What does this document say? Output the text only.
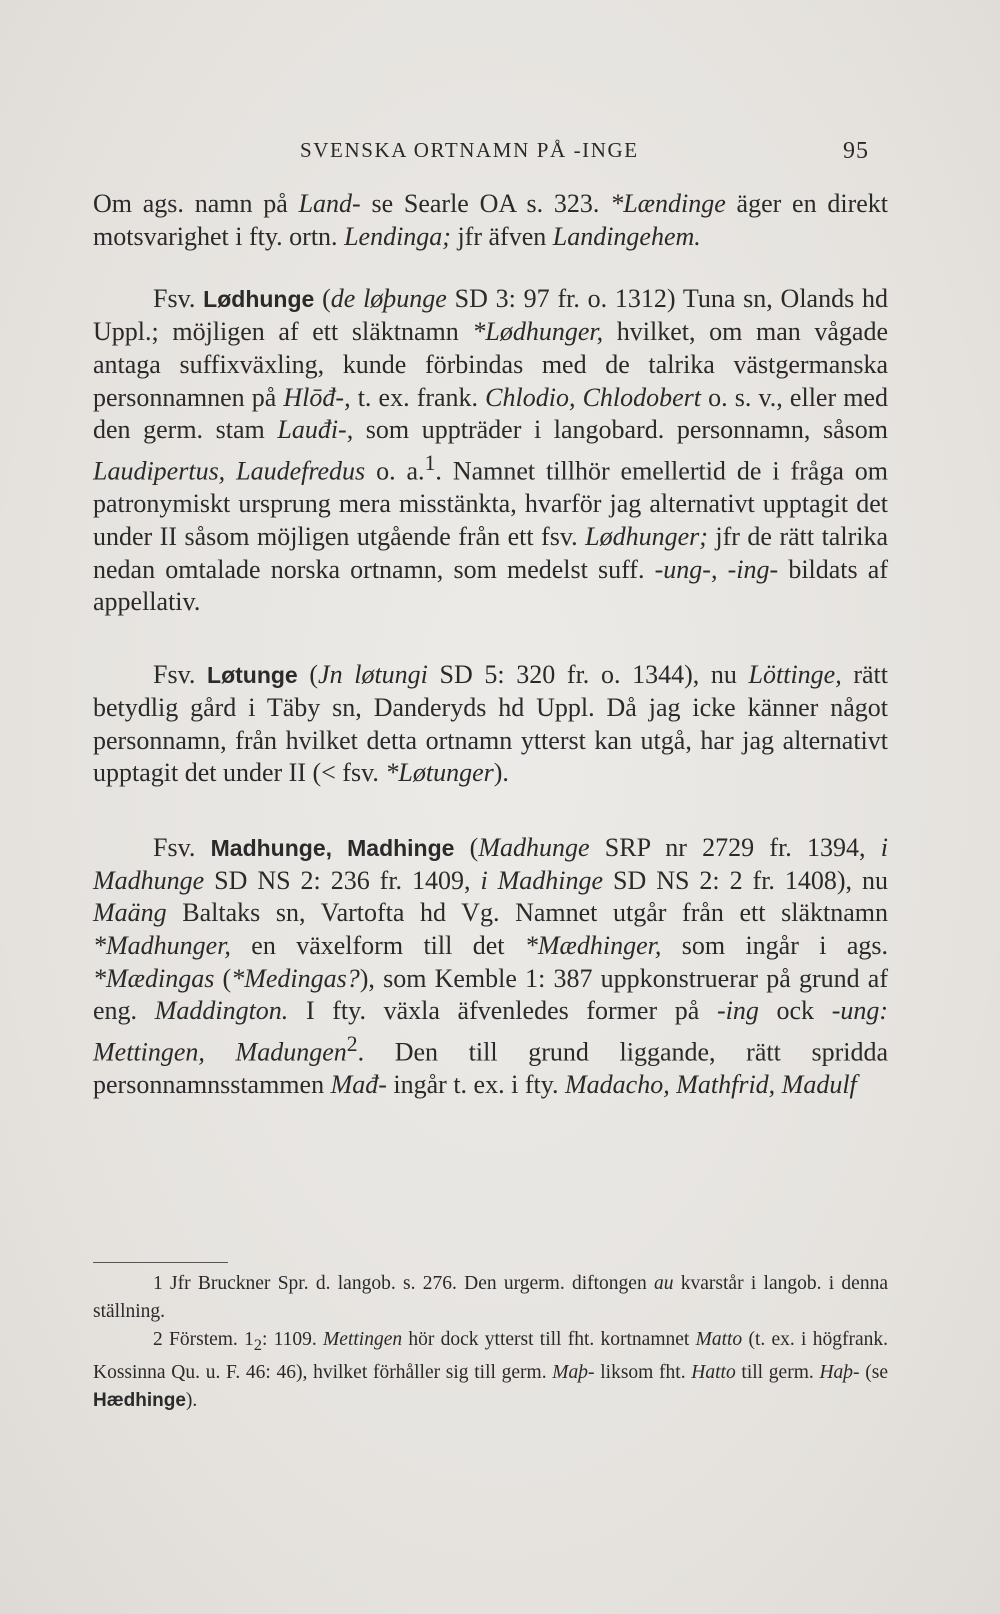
SVENSKA ORTNAMN PÅ -INGE	95

Om ags. namn på Land- se Searle OA s. 323. *Lændinge äger en direkt motsvarighet i fty. ortn. Lendinga; jfr äfven Landingehem.

Fsv. Lødhunge (de løþunge SD 3: 97 fr. o. 1312) Tuna sn, Olands hd Uppl.; möjligen af ett släktnamn *Lødhunger, hvilket, om man vågade antaga suffixväxling, kunde förbindas med de talrika västgermanska personnamnen på Hlōđ-, t. ex. frank. Chlodio, Chlodobert o. s. v., eller med den germ. stam Lauđi-, som uppträder i langobard. personnamn, såsom Laudipertus, Laudefredus o. a.$^1$. Namnet tillhör emellertid de i fråga om patronymiskt ursprung mera misstänkta, hvarför jag alternativt upptagit det under II såsom möjligen utgående från ett fsv. Lødhunger; jfr de rätt talrika nedan omtalade norska ortnamn, som medelst suff. -ung-, -ing- bildats af appellativ.

Fsv. Løtunge (Jn løtungi SD 5: 320 fr. o. 1344), nu Löttinge, rätt betydlig gård i Täby sn, Danderyds hd Uppl. Då jag icke känner något personnamn, från hvilket detta ortnamn ytterst kan utgå, har jag alternativt upptagit det under II (< fsv. *Løtunger).

Fsv. Madhunge, Madhinge (Madhunge SRP nr 2729 fr. 1394, i Madhunge SD NS 2: 236 fr. 1409, i Madhinge SD NS 2: 2 fr. 1408), nu Maäng Baltaks sn, Vartofta hd Vg. Namnet utgår från ett släktnamn *Madhunger, en växelform till det *Mædhinger, som ingår i ags. *Mædingas (*Medingas?), som Kemble 1: 387 uppkonstruerar på grund af eng. Maddington. I fty. växla äfvenledes former på -ing ock -ung: Mettingen, Madungen$^2$. Den till grund liggande, rätt spridda personnamnsstammen Mađ- ingår t. ex. i fty. Madacho, Mathfrid, Madulf

1 Jfr Bruckner Spr. d. langob. s. 276. Den urgerm. diftongen au kvarstår i langob. i denna ställning.

2 Förstem. $1_2$: 1109. Mettingen hör dock ytterst till fht. kortnamnet Matto (t. ex. i högfrank. Kossinna Qu. u. F. 46: 46), hvilket förhåller sig till germ. Maþ- liksom fht. Hatto till germ. Haþ- (se Hædhinge).
